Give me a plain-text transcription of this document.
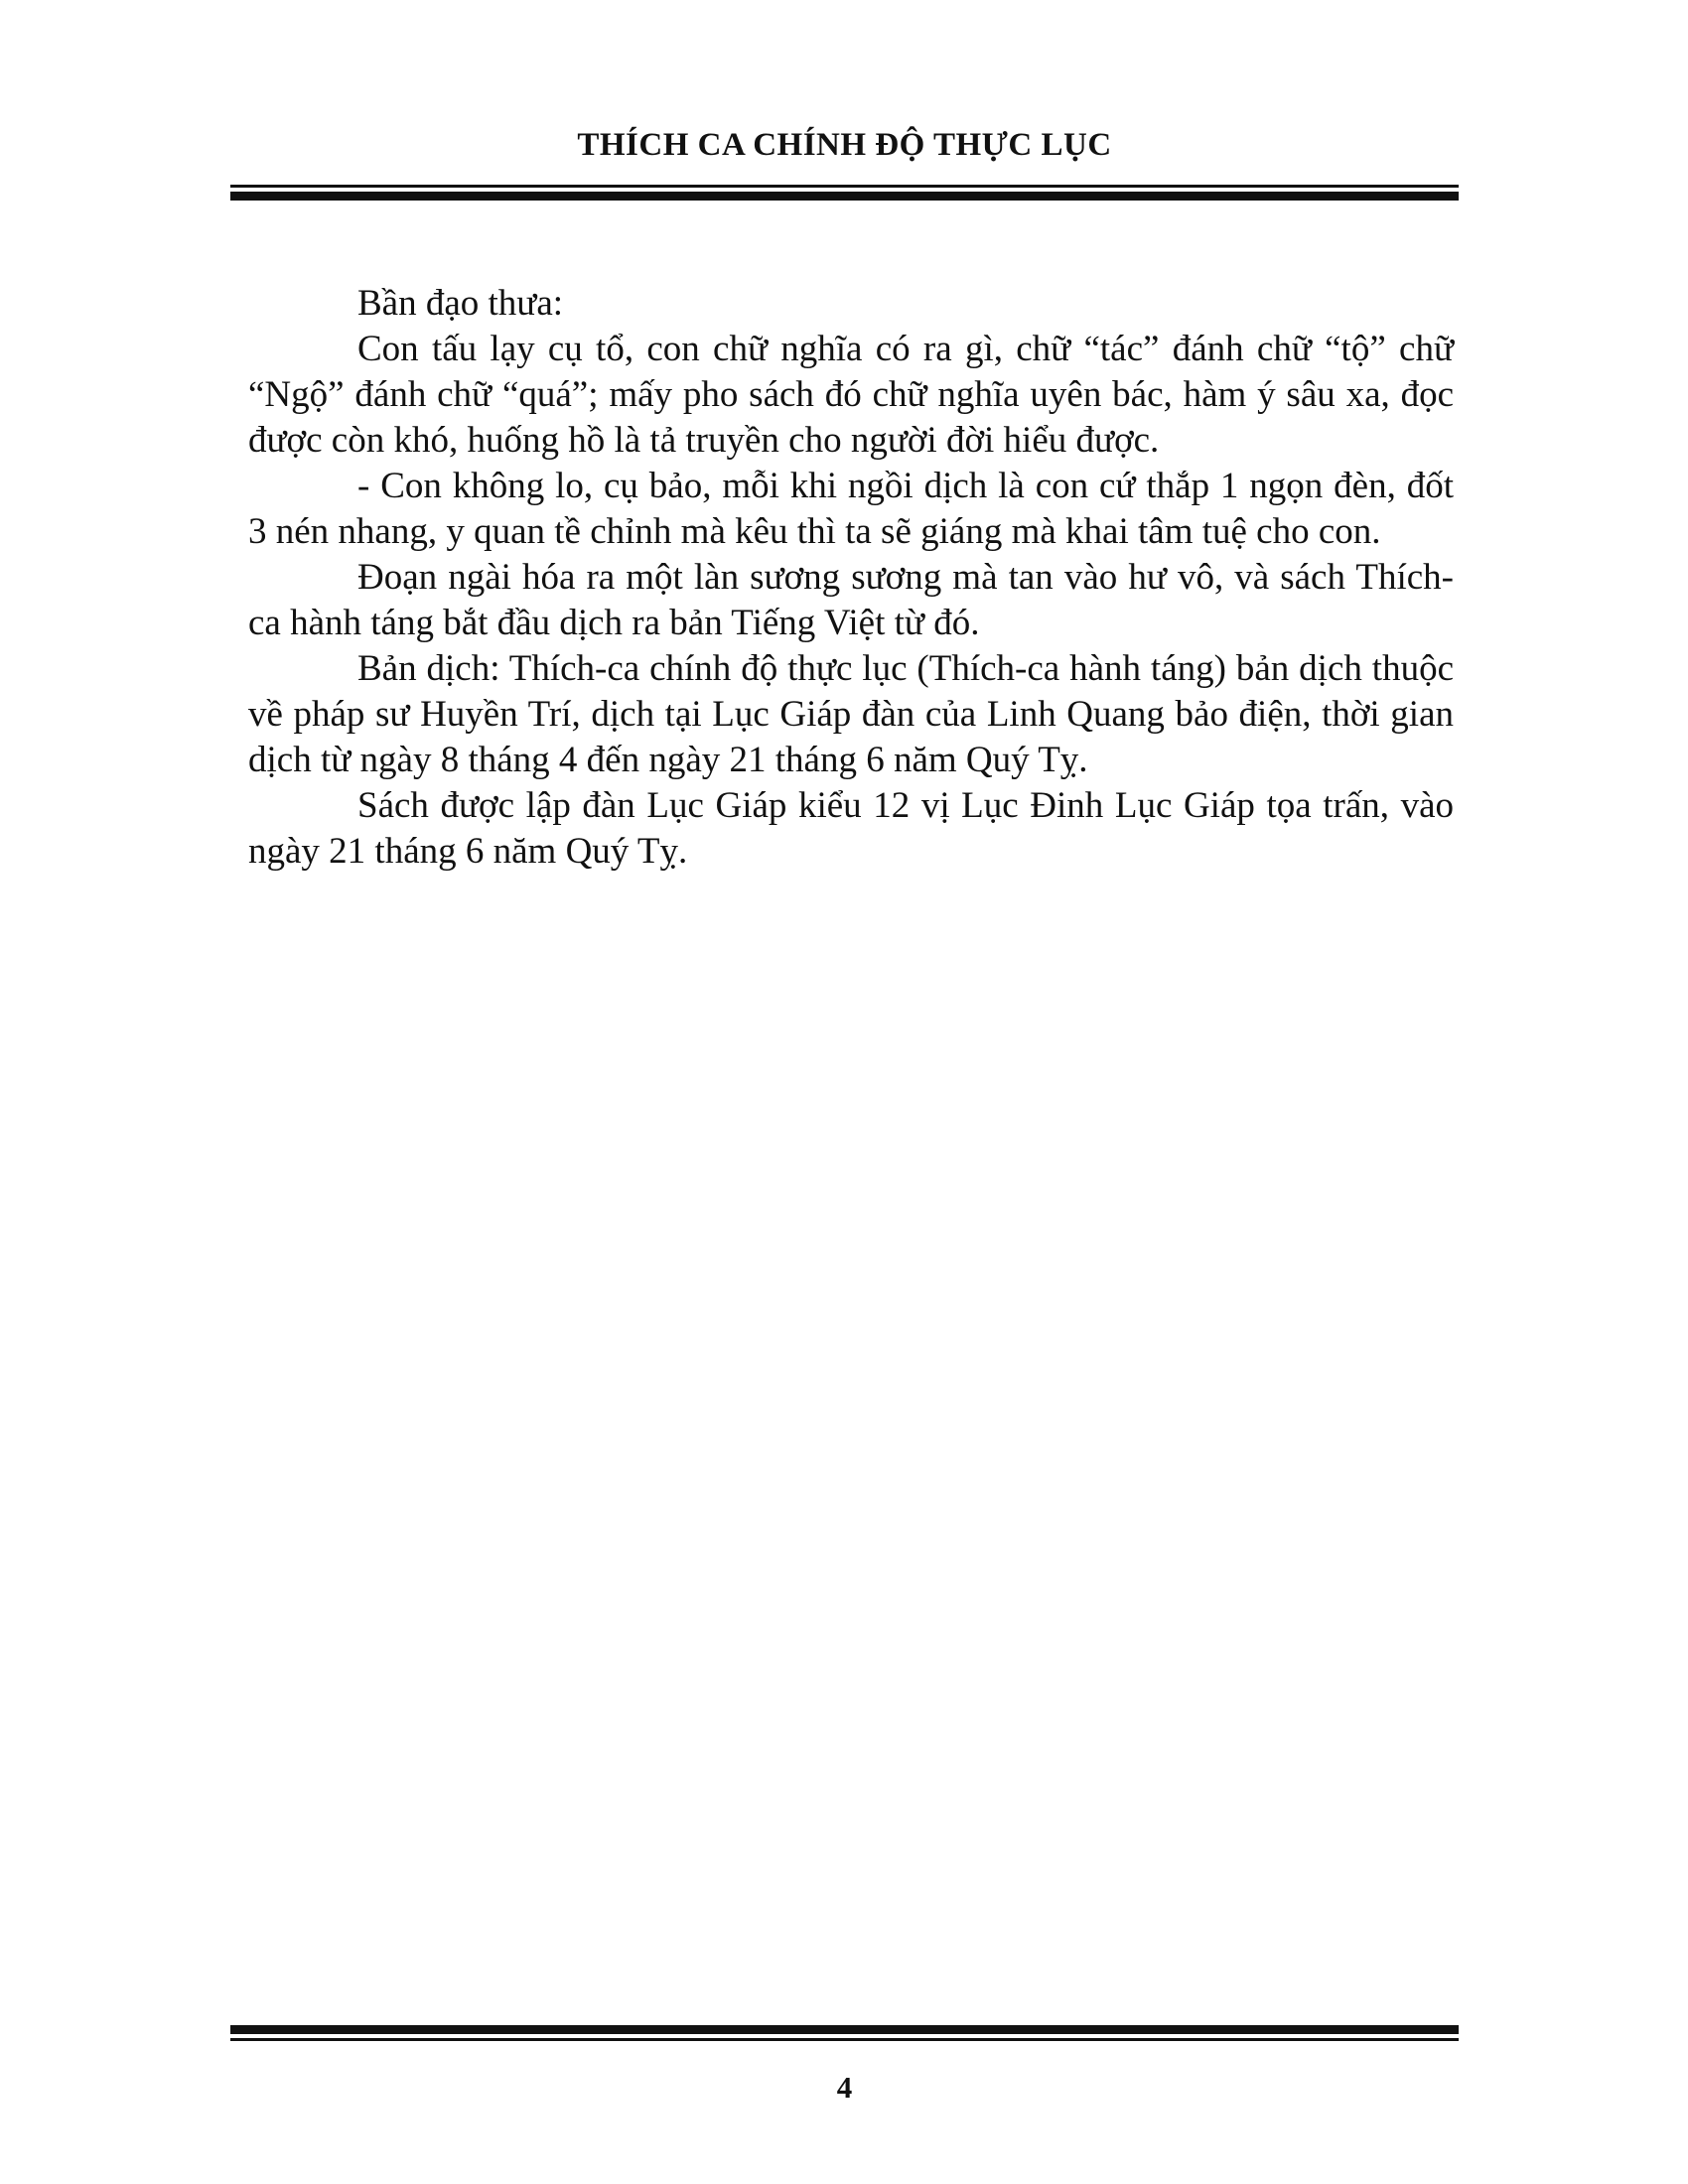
THÍCH CA CHÍNH ĐỘ THỰC LỤC

Bần đạo thưa:

Con tấu lạy cụ tổ, con chữ nghĩa có ra gì, chữ “tác” đánh chữ “tộ” chữ “Ngộ” đánh chữ “quá”; mấy pho sách đó chữ nghĩa uyên bác, hàm ý sâu xa, đọc được còn khó, huống hồ là tả truyền cho người đời hiểu được.

- Con không lo, cụ bảo, mỗi khi ngồi dịch là con cứ thắp 1 ngọn đèn, đốt 3 nén nhang, y quan tề chỉnh mà kêu thì ta sẽ giáng mà khai tâm tuệ cho con.

Đoạn ngài hóa ra một làn sương sương mà tan vào hư vô, và sách Thích-ca hành táng bắt đầu dịch ra bản Tiếng Việt từ đó.

Bản dịch: Thích-ca chính độ thực lục (Thích-ca hành táng) bản dịch thuộc về pháp sư Huyền Trí, dịch tại Lục Giáp đàn của Linh Quang bảo điện, thời gian dịch từ ngày 8 tháng 4 đến ngày 21 tháng 6 năm Quý Tỵ.

Sách được lập đàn Lục Giáp kiểu 12 vị Lục Đinh Lục Giáp tọa trấn, vào ngày 21 tháng 6 năm Quý Tỵ.

4
